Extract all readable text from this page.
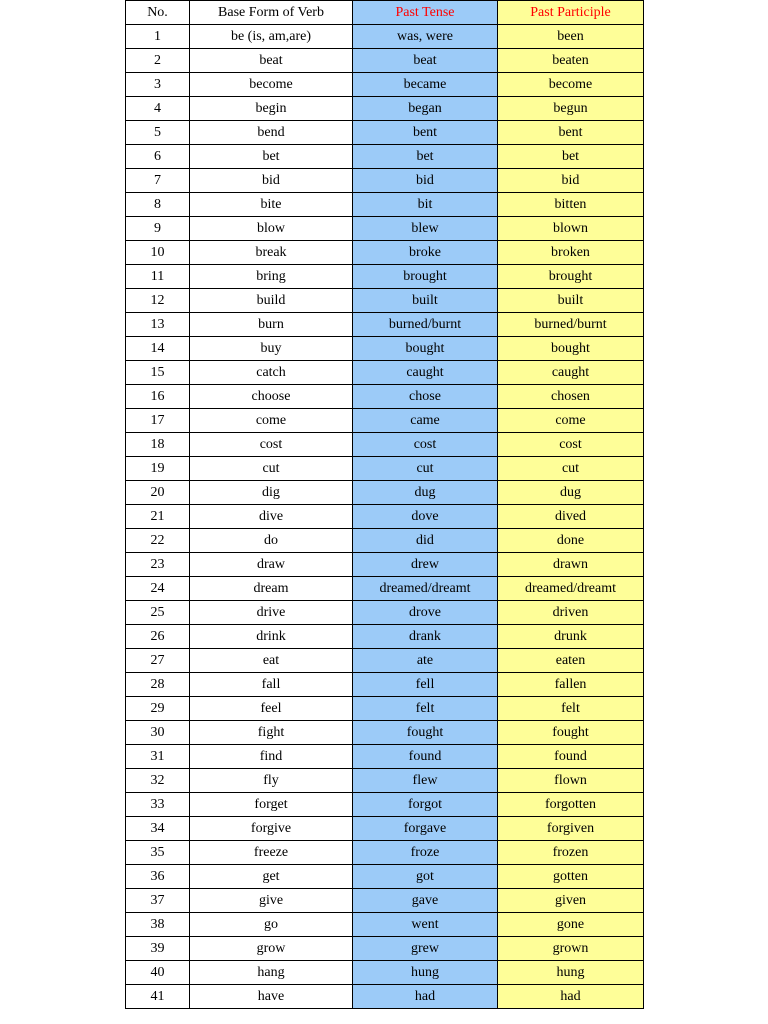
No.	Base Form of Verb	Past Tense	Past Participle
1	be (is, am,are)	was, were	been
2	beat	beat	beaten
3	become	became	become
4	begin	began	begun
5	bend	bent	bent
6	bet	bet	bet
7	bid	bid	bid
8	bite	bit	bitten
9	blow	blew	blown
10	break	broke	broken
11	bring	brought	brought
12	build	built	built
13	burn	burned/burnt	burned/burnt
14	buy	bought	bought
15	catch	caught	caught
16	choose	chose	chosen
17	come	came	come
18	cost	cost	cost
19	cut	cut	cut
20	dig	dug	dug
21	dive	dove	dived
22	do	did	done
23	draw	drew	drawn
24	dream	dreamed/dreamt	dreamed/dreamt
25	drive	drove	driven
26	drink	drank	drunk
27	eat	ate	eaten
28	fall	fell	fallen
29	feel	felt	felt
30	fight	fought	fought
31	find	found	found
32	fly	flew	flown
33	forget	forgot	forgotten
34	forgive	forgave	forgiven
35	freeze	froze	frozen
36	get	got	gotten
37	give	gave	given
38	go	went	gone
39	grow	grew	grown
40	hang	hung	hung
41	have	had	had
